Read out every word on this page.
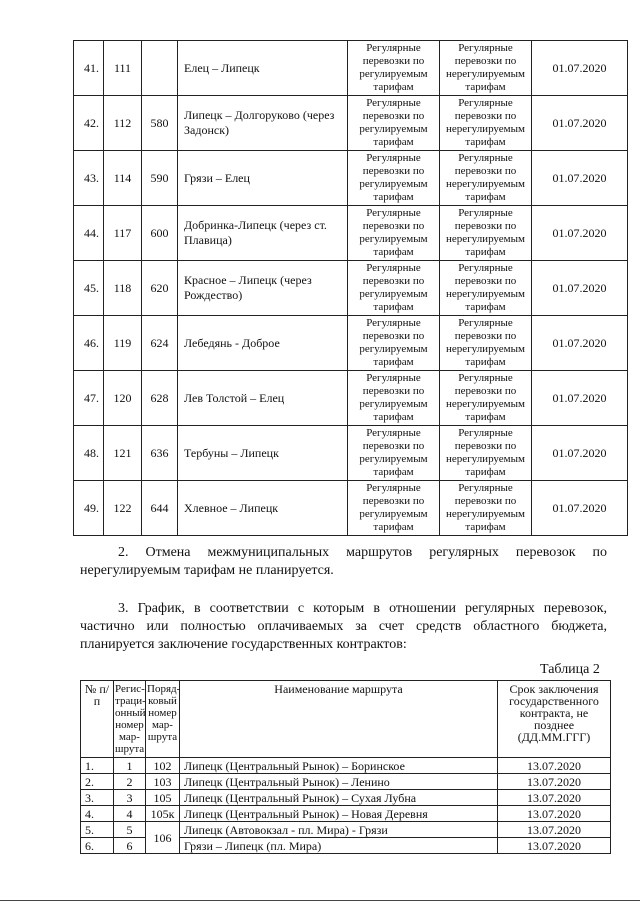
41.	111		Елец – Липецк	Регулярные перевозки по регулируемым тарифам	Регулярные перевозки по нерегулируемым тарифам	01.07.2020
42.	112	580	Липецк – Долгоруково (через Задонск)	Регулярные перевозки по регулируемым тарифам	Регулярные перевозки по нерегулируемым тарифам	01.07.2020
43.	114	590	Грязи – Елец	Регулярные перевозки по регулируемым тарифам	Регулярные перевозки по нерегулируемым тарифам	01.07.2020
44.	117	600	Добринка-Липецк (через ст. Плавица)	Регулярные перевозки по регулируемым тарифам	Регулярные перевозки по нерегулируемым тарифам	01.07.2020
45.	118	620	Красное – Липецк (через Рождество)	Регулярные перевозки по регулируемым тарифам	Регулярные перевозки по нерегулируемым тарифам	01.07.2020
46.	119	624	Лебедянь - Доброе	Регулярные перевозки по регулируемым тарифам	Регулярные перевозки по нерегулируемым тарифам	01.07.2020
47.	120	628	Лев Толстой – Елец	Регулярные перевозки по регулируемым тарифам	Регулярные перевозки по нерегулируемым тарифам	01.07.2020
48.	121	636	Тербуны – Липецк	Регулярные перевозки по регулируемым тарифам	Регулярные перевозки по нерегулируемым тарифам	01.07.2020
49.	122	644	Хлевное – Липецк	Регулярные перевозки по регулируемым тарифам	Регулярные перевозки по нерегулируемым тарифам	01.07.2020

2. Отмена межмуниципальных маршрутов регулярных перевозок по нерегулируемым тарифам не планируется.

3. График, в соответствии с которым в отношении регулярных перевозок, частично или полностью оплачиваемых за счет средств областного бюджета, планируется заключение государственных контрактов:

Таблица 2
№ п/п	Регис-траци-онный номер мар-шрута	Поряд-ковый номер мар-шрута	Наименование маршрута	Срок заключения государственного контракта, не позднее (ДД.ММ.ГГГ)
1.	1	102	Липецк (Центральный Рынок) – Боринское	13.07.2020
2.	2	103	Липецк (Центральный Рынок) – Ленино	13.07.2020
3.	3	105	Липецк (Центральный Рынок) – Сухая Лубна	13.07.2020
4.	4	105к	Липецк (Центральный Рынок) – Новая Деревня	13.07.2020
5.	5	106	Липецк (Автовокзал - пл. Мира) - Грязи	13.07.2020
6.	6		Грязи – Липецк (пл. Мира)	13.07.2020
